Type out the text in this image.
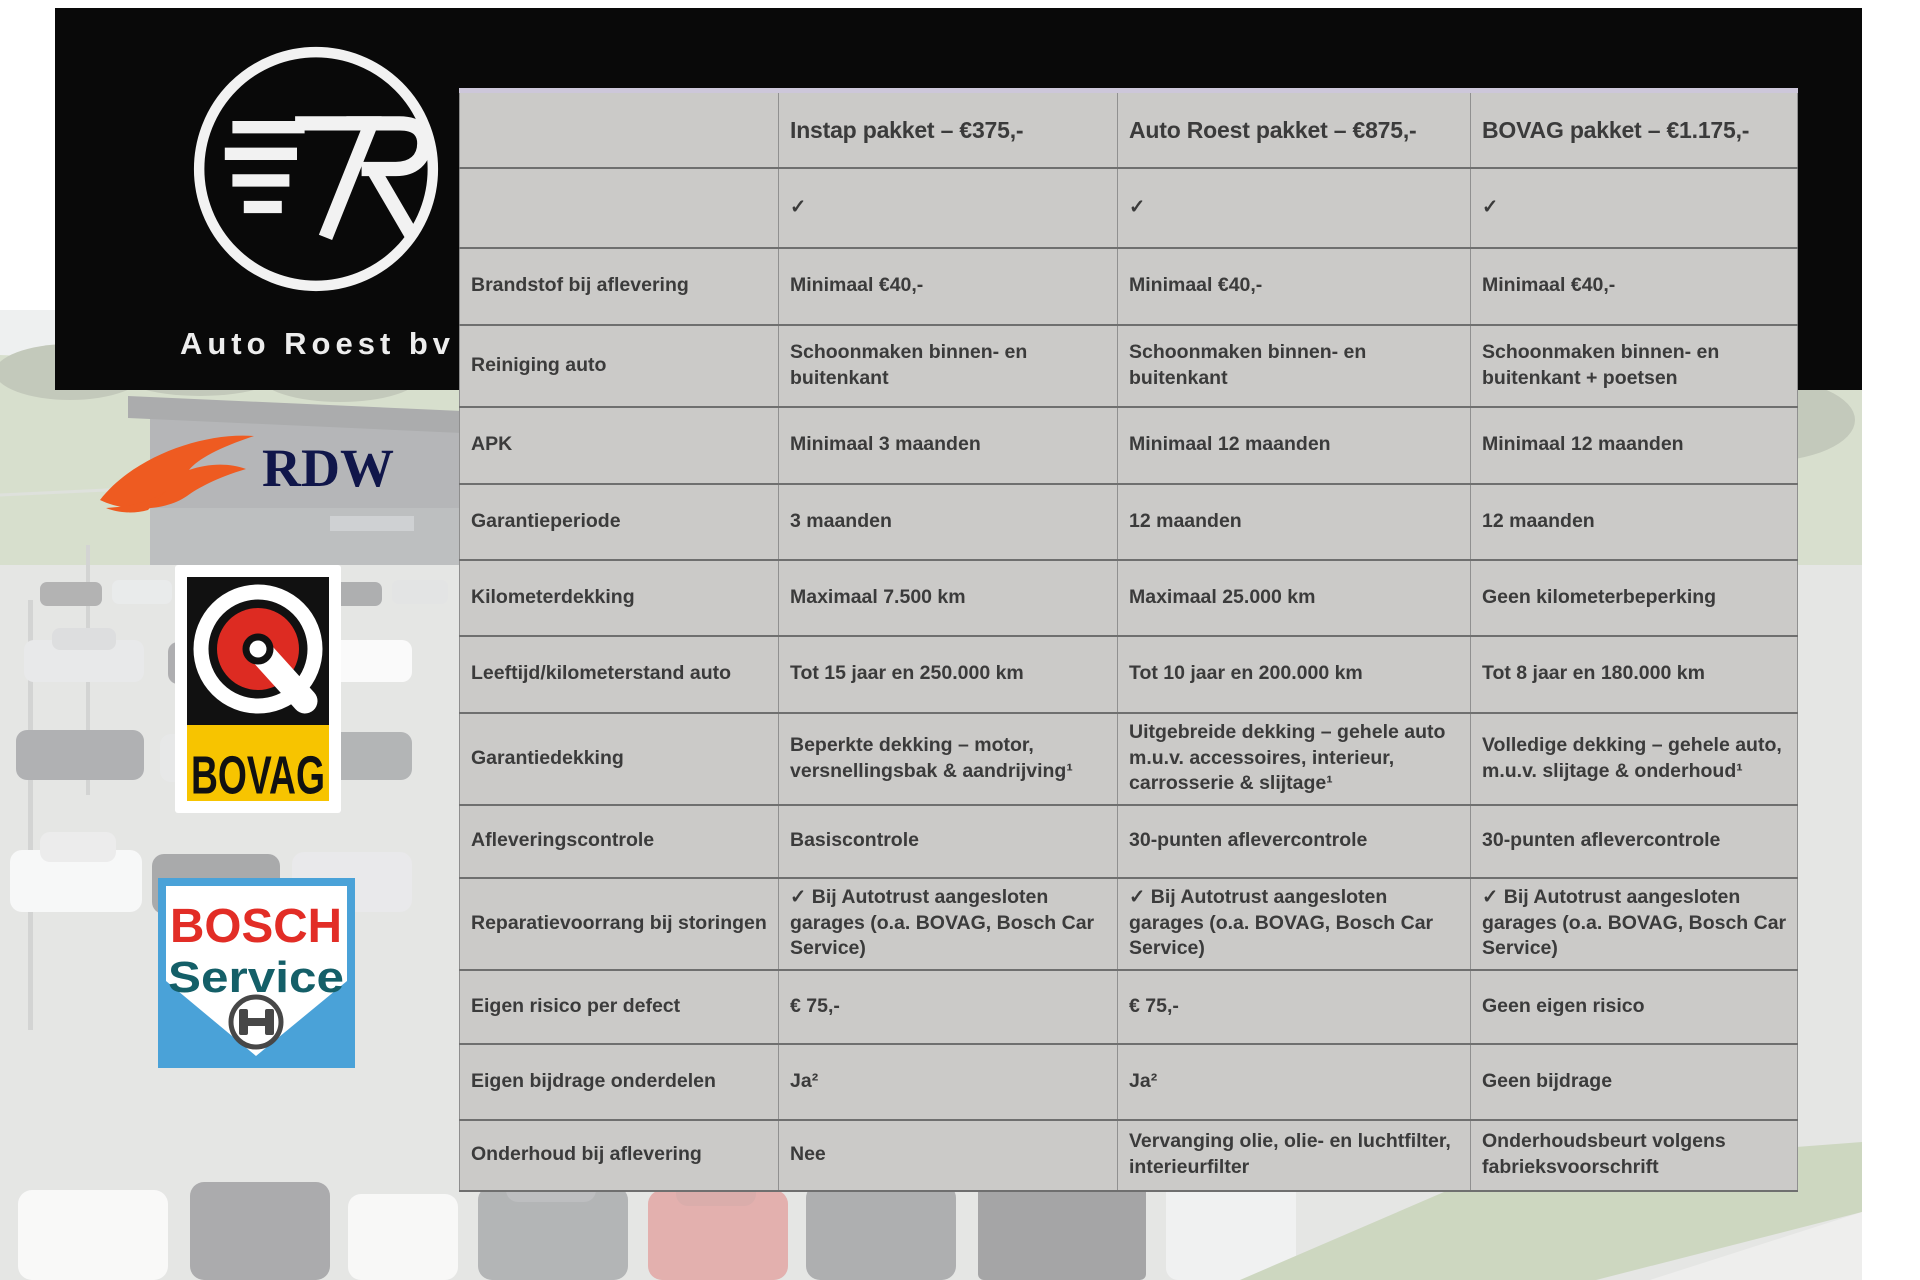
Auto Roest bv
RDW
BOVAG
BOSCH
Service
	Instap pakket – €375,-	Auto Roest pakket – €875,-	BOVAG pakket – €1.175,-
	✓	✓	✓
Brandstof bij aflevering	Minimaal €40,-	Minimaal €40,-	Minimaal €40,-
Reiniging auto	Schoonmaken binnen- en buitenkant	Schoonmaken binnen- en buitenkant	Schoonmaken binnen- en buitenkant + poetsen
APK	Minimaal 3 maanden	Minimaal 12 maanden	Minimaal 12 maanden
Garantieperiode	3 maanden	12 maanden	12 maanden
Kilometerdekking	Maximaal 7.500 km	Maximaal 25.000 km	Geen kilometerbeperking
Leeftijd/kilometerstand auto	Tot 15 jaar en 250.000 km	Tot 10 jaar en 200.000 km	Tot 8 jaar en 180.000 km
Garantiedekking	Beperkte dekking – motor, versnellingsbak & aandrijving¹	Uitgebreide dekking – gehele auto m.u.v. accessoires, interieur, carrosserie & slijtage¹	Volledige dekking – gehele auto, m.u.v. slijtage & onderhoud¹
Afleveringscontrole	Basiscontrole	30-punten aflevercontrole	30-punten aflevercontrole
Reparatievoorrang bij storingen	✓ Bij Autotrust aangesloten garages (o.a. BOVAG, Bosch Car Service)	✓ Bij Autotrust aangesloten garages (o.a. BOVAG, Bosch Car Service)	✓ Bij Autotrust aangesloten garages (o.a. BOVAG, Bosch Car Service)
Eigen risico per defect	€ 75,-	€ 75,-	Geen eigen risico
Eigen bijdrage onderdelen	Ja²	Ja²	Geen bijdrage
Onderhoud bij aflevering	Nee	Vervanging olie, olie- en luchtfilter, interieurfilter	Onderhoudsbeurt volgens fabrieksvoorschrift
